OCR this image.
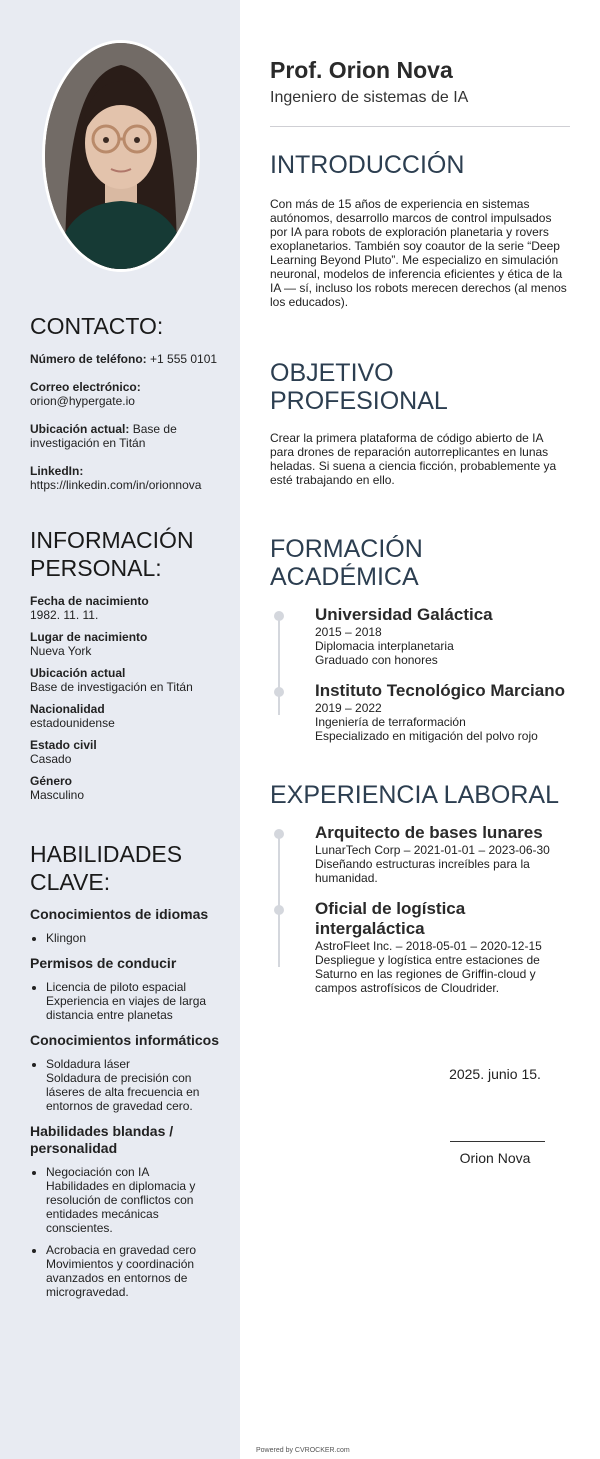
CONTACTO:
Número de teléfono: +1 555 0101
Correo electrónico:
orion@hypergate.io
Ubicación actual: Base de investigación en Titán
LinkedIn:
https://linkedin.com/in/orionnova
INFORMACIÓN PERSONAL:
Fecha de nacimiento
1982. 11. 11.
Lugar de nacimiento
Nueva York
Ubicación actual
Base de investigación en Titán
Nacionalidad
estadounidense
Estado civil
Casado
Género
Masculino
HABILIDADES CLAVE:
Conocimientos de idiomas
• Klingon
Permisos de conducir
• Licencia de piloto espacial
Experiencia en viajes de larga distancia entre planetas
Conocimientos informáticos
• Soldadura láser
Soldadura de precisión con láseres de alta frecuencia en entornos de gravedad cero.
Habilidades blandas / personalidad
• Negociación con IA
Habilidades en diplomacia y resolución de conflictos con entidades mecánicas conscientes.
• Acrobacia en gravedad cero
Movimientos y coordinación avanzados en entornos de microgravedad.
Prof. Orion Nova
Ingeniero de sistemas de IA
INTRODUCCIÓN

Con más de 15 años de experiencia en sistemas autónomos, desarrollo marcos de control impulsados por IA para robots de exploración planetaria y rovers exoplanetarios. También soy coautor de la serie “Deep Learning Beyond Pluto”. Me especializo en simulación neuronal, modelos de inferencia eficientes y ética de la IA — sí, incluso los robots merecen derechos (al menos los educados).

OBJETIVO PROFESIONAL

Crear la primera plataforma de código abierto de IA para drones de reparación autorreplicantes en lunas heladas. Si suena a ciencia ficción, probablemente ya esté trabajando en ello.

FORMACIÓN ACADÉMICA
Universidad Galáctica
2015 – 2018
Diplomacia interplanetaria
Graduado con honores
Instituto Tecnológico Marciano
2019 – 2022
Ingeniería de terraformación
Especializado en mitigación del polvo rojo
EXPERIENCIA LABORAL
Arquitecto de bases lunares
LunarTech Corp – 2021-01-01 – 2023-06-30
Diseñando estructuras increíbles para la humanidad.
Oficial de logística intergaláctica
AstroFleet Inc. – 2018-05-01 – 2020-12-15
Despliegue y logística entre estaciones de Saturno en las regiones de Griffin-cloud y campos astrofísicos de Cloudrider.
2025. junio 15.
Orion Nova
Powered by CVROCKER.com
